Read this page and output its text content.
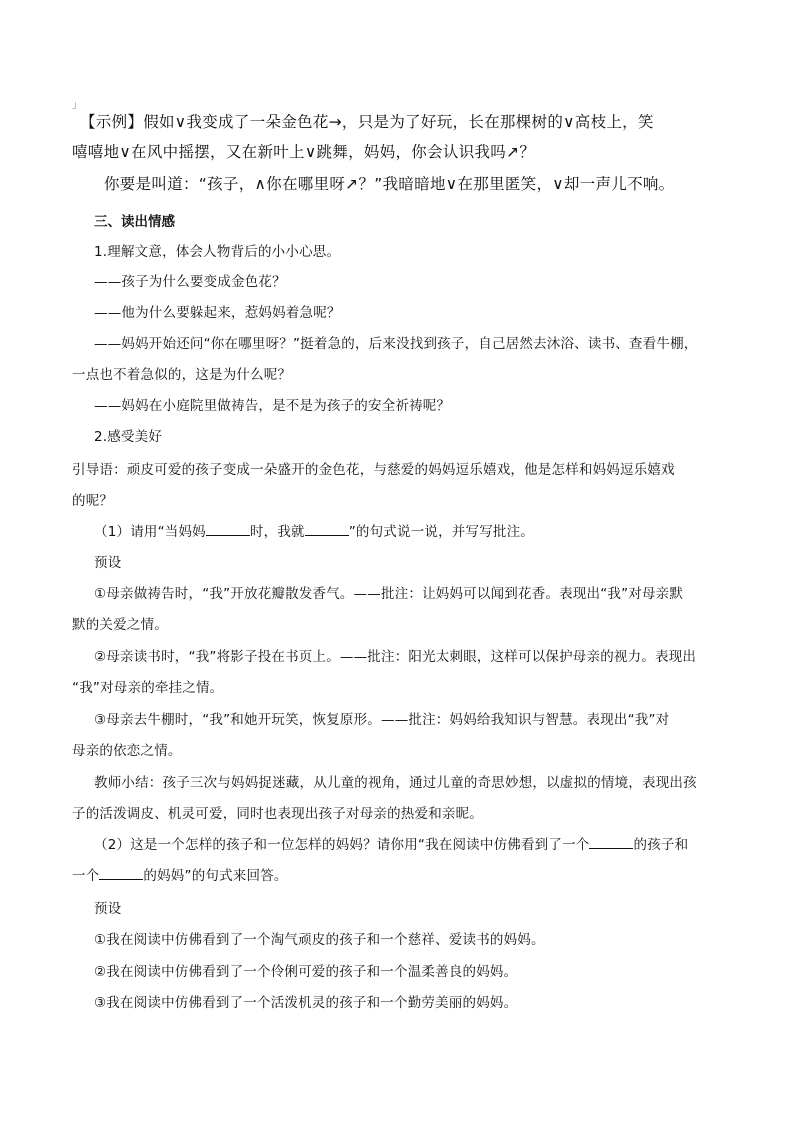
」
【示例】假如∨我变成了一朵金色花→，只是为了好玩，长在那棵树的∨高枝上，笑
嘻嘻地∨在风中摇摆，又在新叶上∨跳舞，妈妈，你会认识我吗↗？
你要是叫道：“孩子，∧你在哪里呀↗？”我暗暗地∨在那里匿笑，∨却一声儿不响。
三、读出情感
1.理解文意，体会人物背后的小小心思。
——孩子为什么要变成金色花？
——他为什么要躲起来，惹妈妈着急呢？
——妈妈开始还问“你在哪里呀？”挺着急的，后来没找到孩子，自己居然去沐浴、读书、查看牛棚，
一点也不着急似的，这是为什么呢？
——妈妈在小庭院里做祷告，是不是为孩子的安全祈祷呢？
2.感受美好
引导语：顽皮可爱的孩子变成一朵盛开的金色花，与慈爱的妈妈逗乐嬉戏，他是怎样和妈妈逗乐嬉戏
的呢？
（1）请用“当妈妈	时，我就	”的句式说一说，并写写批注。
预设
①母亲做祷告时，“我”开放花瓣散发香气。——批注：让妈妈可以闻到花香。表现出“我”对母亲默
默的关爱之情。
②母亲读书时，“我”将影子投在书页上。——批注：阳光太刺眼，这样可以保护母亲的视力。表现出
“我”对母亲的牵挂之情。
③母亲去牛棚时，“我”和她开玩笑，恢复原形。——批注：妈妈给我知识与智慧。表现出“我”对
母亲的依恋之情。
教师小结：孩子三次与妈妈捉迷藏，从儿童的视角，通过儿童的奇思妙想，以虚拟的情境，表现出孩
子的活泼调皮、机灵可爱，同时也表现出孩子对母亲的热爱和亲昵。
（2）这是一个怎样的孩子和一位怎样的妈妈？请你用“我在阅读中仿佛看到了一个	的孩子和
一个	的妈妈”的句式来回答。
预设
①我在阅读中仿佛看到了一个淘气顽皮的孩子和一个慈祥、爱读书的妈妈。
②我在阅读中仿佛看到了一个伶俐可爱的孩子和一个温柔善良的妈妈。
③我在阅读中仿佛看到了一个活泼机灵的孩子和一个勤劳美丽的妈妈。
